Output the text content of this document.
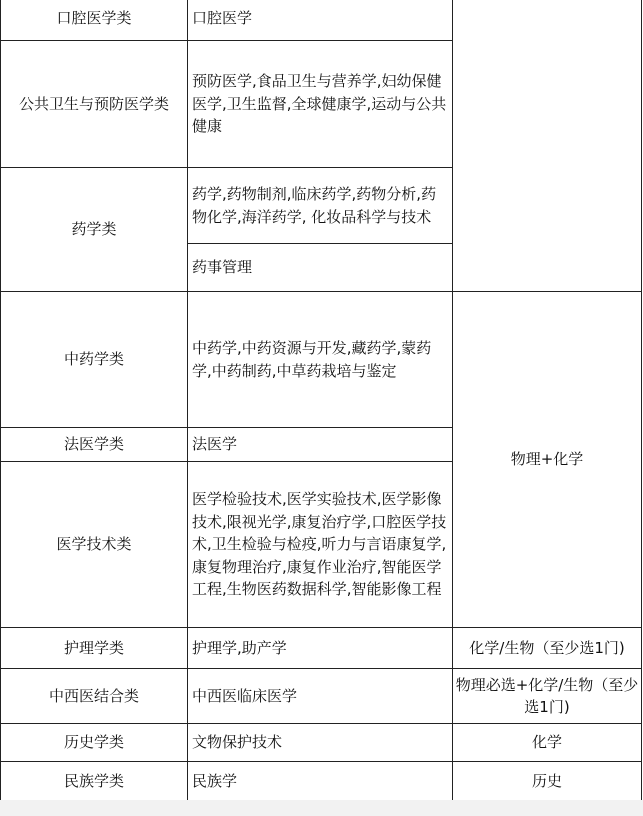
口腔医学类	口腔医学	
公共卫生与预防医学类	预防医学,食品卫生与营养学,妇幼保健医学,卫生监督,全球健康学,运动与公共健康	
药学类	药学,药物制剂,临床药学,药物分析,药物化学,海洋药学, 化妆品科学与技术	
	药事管理	
中药学类	中药学,中药资源与开发,藏药学,蒙药学,中药制药,中草药栽培与鉴定	物理+化学
法医学类	法医学	
医学技术类	医学检验技术,医学实验技术,医学影像技术,限视光学,康复治疗学,口腔医学技术,卫生检验与检疫,听力与言语康复学,康复物理治疗,康复作业治疗,智能医学工程,生物医药数据科学,智能影像工程	

护理学类	护理学,助产学	化学/生物（至少选1门)
中西医结合类	中西医临床医学	物理必选+化学/生物（至少选1门)
历史学类	文物保护技术	化学
民族学类	民族学	历史
